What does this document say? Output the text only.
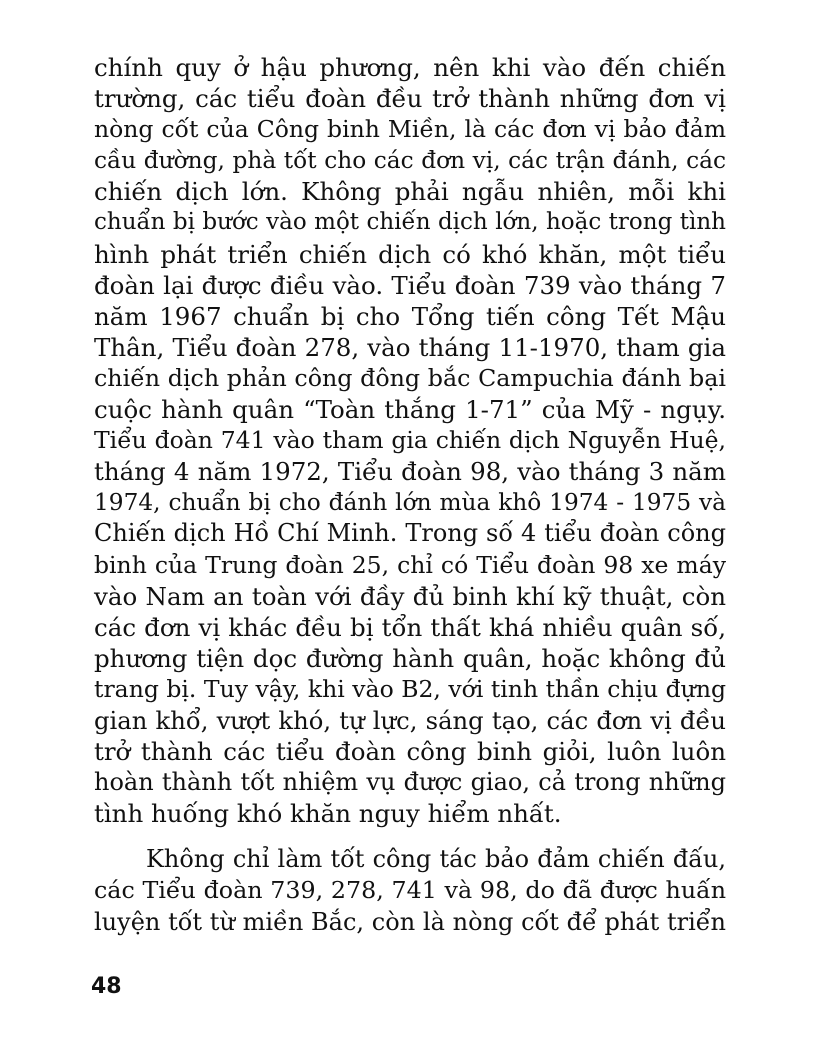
chính quy ở hậu phương, nên khi vào đến chiến
trường, các tiểu đoàn đều trở thành những đơn vị
nòng cốt của Công binh Miền, là các đơn vị bảo đảm
cầu đường, phà tốt cho các đơn vị, các trận đánh, các
chiến dịch lớn. Không phải ngẫu nhiên, mỗi khi
chuẩn bị bước vào một chiến dịch lớn, hoặc trong tình
hình phát triển chiến dịch có khó khăn, một tiểu
đoàn lại được điều vào. Tiểu đoàn 739 vào tháng 7
năm 1967 chuẩn bị cho Tổng tiến công Tết Mậu
Thân, Tiểu đoàn 278, vào tháng 11-1970, tham gia
chiến dịch phản công đông bắc Campuchia đánh bại
cuộc hành quân “Toàn thắng 1-71” của Mỹ - ngụy.
Tiểu đoàn 741 vào tham gia chiến dịch Nguyễn Huệ,
tháng 4 năm 1972, Tiểu đoàn 98, vào tháng 3 năm
1974, chuẩn bị cho đánh lớn mùa khô 1974 - 1975 và
Chiến dịch Hồ Chí Minh. Trong số 4 tiểu đoàn công
binh của Trung đoàn 25, chỉ có Tiểu đoàn 98 xe máy
vào Nam an toàn với đầy đủ binh khí kỹ thuật, còn
các đơn vị khác đều bị tổn thất khá nhiều quân số,
phương tiện dọc đường hành quân, hoặc không đủ
trang bị. Tuy vậy, khi vào B2, với tinh thần chịu đựng
gian khổ, vượt khó, tự lực, sáng tạo, các đơn vị đều
trở thành các tiểu đoàn công binh giỏi, luôn luôn
hoàn thành tốt nhiệm vụ được giao, cả trong những
tình huống khó khăn nguy hiểm nhất.
Không chỉ làm tốt công tác bảo đảm chiến đấu,
các Tiểu đoàn 739, 278, 741 và 98, do đã được huấn
luyện tốt từ miền Bắc, còn là nòng cốt để phát triển
48
